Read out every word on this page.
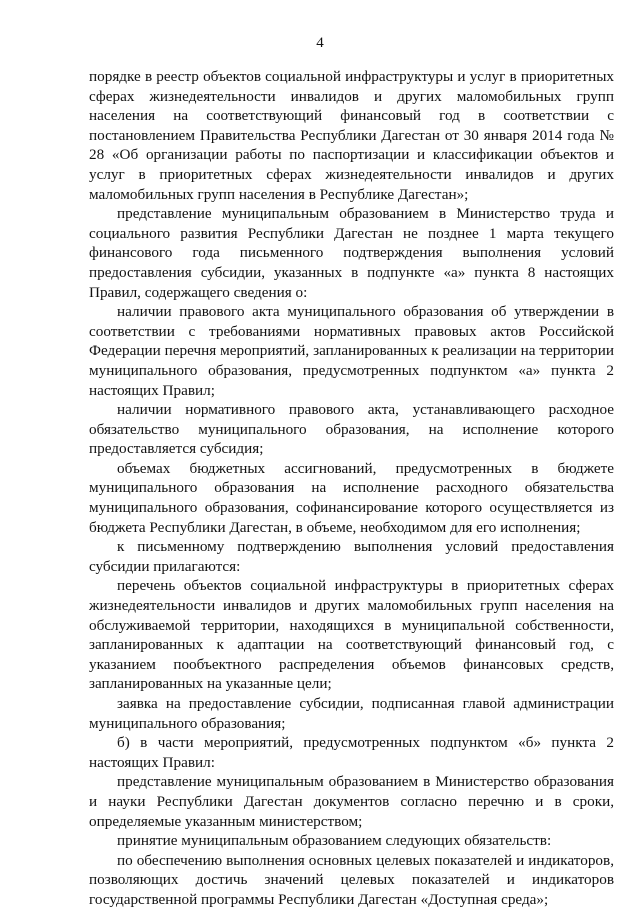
4

порядке в реестр объектов социальной инфраструктуры и услуг в приоритетных сферах жизнедеятельности инвалидов и других маломобильных групп населения на соответствующий финансовый год в соответствии с постановлением Правительства Республики Дагестан от 30 января 2014 года № 28 «Об организации работы по паспортизации и классификации объектов и услуг в приоритетных сферах жизнедеятельности инвалидов и других маломобильных групп населения в Республике Дагестан»;

представление муниципальным образованием в Министерство труда и социального развития Республики Дагестан не позднее 1 марта текущего финансового года письменного подтверждения выполнения условий предоставления субсидии, указанных в подпункте «а» пункта 8 настоящих Правил, содержащего сведения о:

наличии правового акта муниципального образования об утверждении в соответствии с требованиями нормативных правовых актов Российской Федерации перечня мероприятий, запланированных к реализации на территории муниципального образования, предусмотренных подпунктом «а» пункта 2 настоящих Правил;

наличии нормативного правового акта, устанавливающего расходное обязательство муниципального образования, на исполнение которого предоставляется субсидия;

объемах бюджетных ассигнований, предусмотренных в бюджете муниципального образования на исполнение расходного обязательства муниципального образования, софинансирование которого осуществляется из бюджета Республики Дагестан, в объеме, необходимом для его исполнения;

к письменному подтверждению выполнения условий предоставления субсидии прилагаются:

перечень объектов социальной инфраструктуры в приоритетных сферах жизнедеятельности инвалидов и других маломобильных групп населения на обслуживаемой территории, находящихся в муниципальной собственности, запланированных к адаптации на соответствующий финансовый год, с указанием пообъектного распределения объемов финансовых средств, запланированных на указанные цели;

заявка на предоставление субсидии, подписанная главой администрации муниципального образования;

б) в части мероприятий, предусмотренных подпунктом «б» пункта 2 настоящих Правил:

представление муниципальным образованием в Министерство образования и науки Республики Дагестан документов согласно перечню и в сроки, определяемые указанным министерством;

принятие муниципальным образованием следующих обязательств:

по обеспечению выполнения основных целевых показателей и индикаторов, позволяющих достичь значений целевых показателей и индикаторов государственной программы Республики Дагестан «Доступная среда»;
